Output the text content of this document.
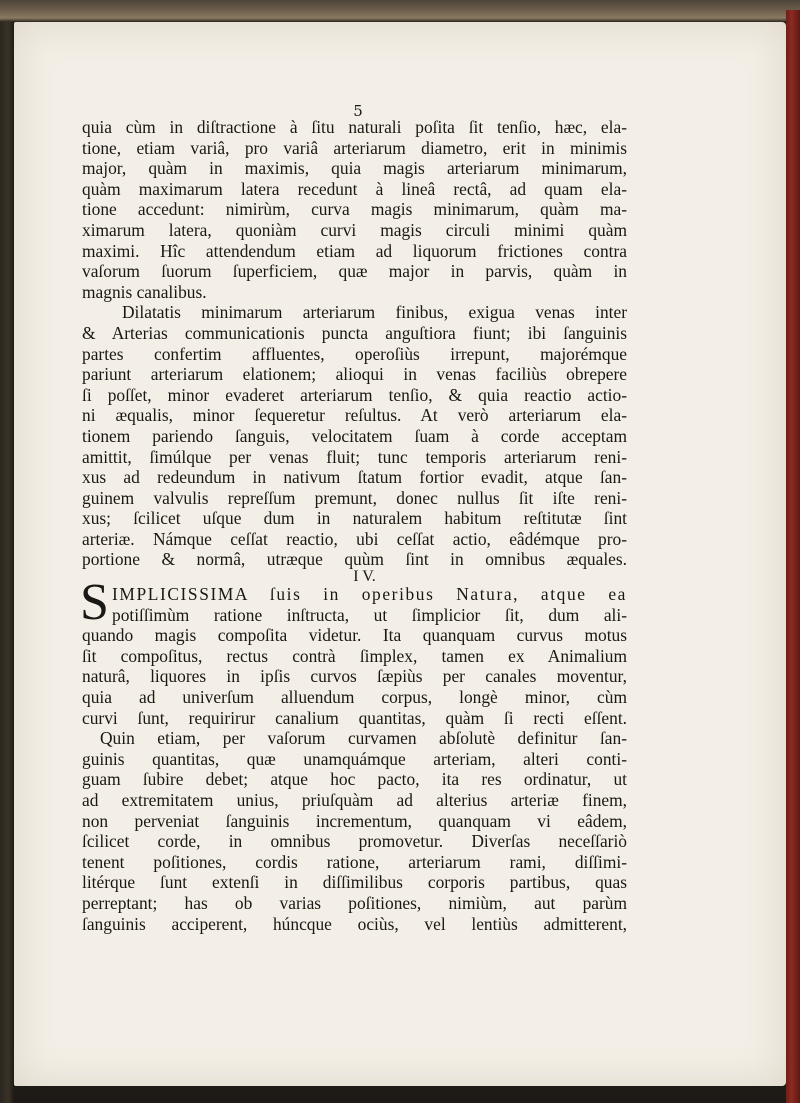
5
quia cùm in diſtractione à ſitu naturali poſita ſit tenſio, hæc, ela-
tione, etiam variâ, pro variâ arteriarum diametro, erit in minimis
major, quàm in maximis, quia magis arteriarum minimarum,
quàm maximarum latera recedunt à lineâ rectâ, ad quam ela-
tione accedunt: nimirùm, curva magis minimarum, quàm ma-
ximarum latera, quoniàm curvi magis circuli minimi quàm
maximi. Hîc attendendum etiam ad liquorum frictiones contra
vaſorum ſuorum ſuperficiem, quæ major in parvis, quàm in
magnis canalibus.
Dilatatis minimarum arteriarum finibus, exigua venas inter
& Arterias communicationis puncta anguſtiora fiunt; ibi ſanguinis
partes confertim affluentes, operoſiùs irrepunt, majorémque
pariunt arteriarum elationem; alioqui in venas faciliùs obrepere
ſi poſſet, minor evaderet arteriarum tenſio, & quia reactio actio-
ni æqualis, minor ſequeretur reſultus. At verò arteriarum ela-
tionem pariendo ſanguis, velocitatem ſuam à corde acceptam
amittit, ſimúlque per venas fluit; tunc temporis arteriarum reni-
xus ad redeundum in nativum ſtatum fortior evadit, atque ſan-
guinem valvulis repreſſum premunt, donec nullus ſit iſte reni-
xus; ſcilicet uſque dum in naturalem habitum reſtitutæ ſint
arteriæ. Námque ceſſat reactio, ubi ceſſat actio, eâdémque pro-
portione & normâ, utræque quùm ſint in omnibus æquales.
I V.
S IMPLICISSIMA ſuis in operibus Natura, atque ea
potiſſimùm ratione inſtructa, ut ſimplicior ſit, dum ali-
quando magis compoſita videtur. Ita quanquam curvus motus
ſit compoſitus, rectus contrà ſimplex, tamen ex Animalium
naturâ, liquores in ipſis curvos ſæpiùs per canales moventur,
quia ad univerſum alluendum corpus, longè minor, cùm
curvi ſunt, requirirur canalium quantitas, quàm ſi recti eſſent.
Quin etiam, per vaſorum curvamen abſolutè definitur ſan-
guinis quantitas, quæ unamquámque arteriam, alteri conti-
guam ſubire debet; atque hoc pacto, ita res ordinatur, ut
ad extremitatem unius, priuſquàm ad alterius arteriæ finem,
non perveniat ſanguinis incrementum, quanquam vi eâdem,
ſcilicet corde, in omnibus promovetur. Diverſas neceſſariò
tenent poſitiones, cordis ratione, arteriarum rami, diſſimi-
litérque ſunt extenſi in diſſimilibus corporis partibus, quas
perreptant; has ob varias poſitiones, nimiùm, aut parùm
ſanguinis acciperent, húncque ociùs, vel lentiùs admitterent,
